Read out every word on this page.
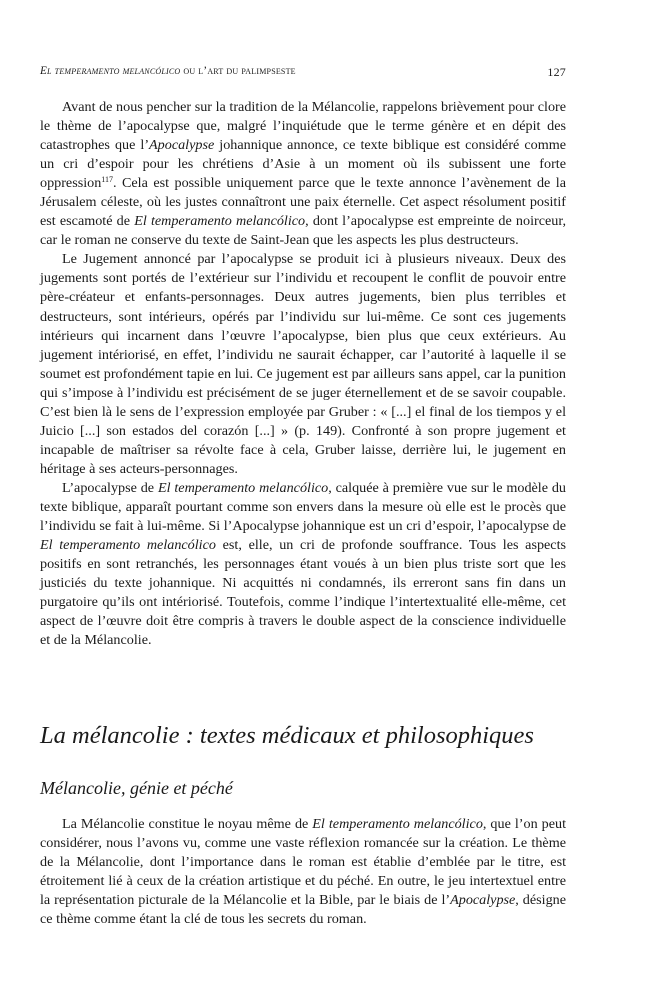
El temperamento melancólico ou l’art du palimpseste	127

Avant de nous pencher sur la tradition de la Mélancolie, rappelons brièvement pour clore le thème de l’apocalypse que, malgré l’inquiétude que le terme génère et en dépit des catastrophes que l’Apocalypse johannique annonce, ce texte biblique est considéré comme un cri d’espoir pour les chrétiens d’Asie à un moment où ils subissent une forte oppression$^{117}$. Cela est possible uniquement parce que le texte annonce l’avènement de la Jérusalem céleste, où les justes connaîtront une paix éternelle. Cet aspect résolument positif est escamoté de El temperamento melancólico, dont l’apocalypse est empreinte de noirceur, car le roman ne conserve du texte de Saint-Jean que les aspects les plus destructeurs.

Le Jugement annoncé par l’apocalypse se produit ici à plusieurs niveaux. Deux des jugements sont portés de l’extérieur sur l’individu et recoupent le conflit de pouvoir entre père-créateur et enfants-personnages. Deux autres jugements, bien plus terribles et destructeurs, sont intérieurs, opérés par l’individu sur lui-même. Ce sont ces jugements intérieurs qui incarnent dans l’œuvre l’apocalypse, bien plus que ceux extérieurs. Au jugement intériorisé, en effet, l’individu ne saurait échapper, car l’autorité à laquelle il se soumet est profondément tapie en lui. Ce jugement est par ailleurs sans appel, car la punition qui s’impose à l’individu est précisément de se juger éternellement et de se savoir coupable. C’est bien là le sens de l’expression employée par Gruber : « [...] el final de los tiempos y el Juicio [...] son estados del corazón [...] » (p. 149). Confronté à son propre jugement et incapable de maîtriser sa révolte face à cela, Gruber laisse, derrière lui, le jugement en héritage à ses acteurs-personnages.

L’apocalypse de El temperamento melancólico, calquée à première vue sur le modèle du texte biblique, apparaît pourtant comme son envers dans la mesure où elle est le procès que l’individu se fait à lui-même. Si l’Apocalypse johannique est un cri d’espoir, l’apocalypse de El temperamento melancólico est, elle, un cri de profonde souffrance. Tous les aspects positifs en sont retranchés, les personnages étant voués à un bien plus triste sort que les justiciés du texte johannique. Ni acquittés ni condamnés, ils erreront sans fin dans un purgatoire qu’ils ont intériorisé. Toutefois, comme l’indique l’intertextualité elle-même, cet aspect de l’œuvre doit être compris à travers le double aspect de la conscience individuelle et de la Mélancolie.

La mélancolie : textes médicaux et philosophiques
Mélancolie, génie et péché

La Mélancolie constitue le noyau même de El temperamento melancólico, que l’on peut considérer, nous l’avons vu, comme une vaste réflexion romancée sur la création. Le thème de la Mélancolie, dont l’importance dans le roman est établie d’emblée par le titre, est étroitement lié à ceux de la création artistique et du péché. En outre, le jeu intertextuel entre la représentation picturale de la Mélancolie et la Bible, par le biais de l’Apocalypse, désigne ce thème comme étant la clé de tous les secrets du roman.
